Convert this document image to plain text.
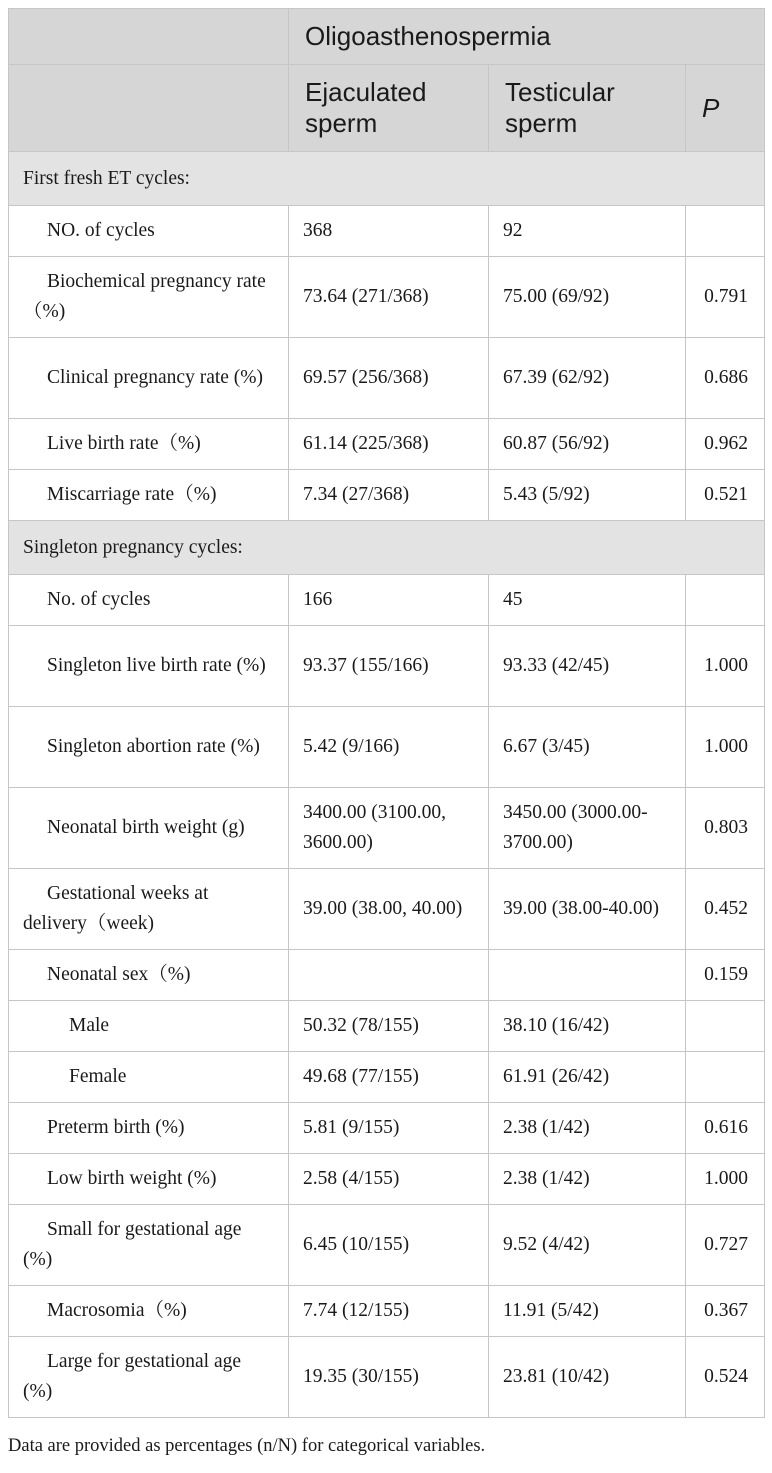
	Oligoasthenospermia		
	Ejaculated sperm	Testicular sperm	P
First fresh ET cycles:			
NO. of cycles	368	92	
Biochemical pregnancy rate（%)	73.64 (271/368)	75.00 (69/92)	0.791
Clinical pregnancy rate (%)	69.57 (256/368)	67.39 (62/92)	0.686
Live birth rate（%)	61.14 (225/368)	60.87 (56/92)	0.962
Miscarriage rate（%)	7.34 (27/368)	5.43 (5/92)	0.521
Singleton pregnancy cycles:			
No. of cycles	166	45	
Singleton live birth rate (%)	93.37 (155/166)	93.33 (42/45)	1.000
Singleton abortion rate (%)	5.42 (9/166)	6.67 (3/45)	1.000
Neonatal birth weight (g)	3400.00 (3100.00, 3600.00)	3450.00 (3000.00-3700.00)	0.803
Gestational weeks at delivery（week)	39.00 (38.00, 40.00)	39.00 (38.00-40.00)	0.452
Neonatal sex（%)			0.159
Male	50.32 (78/155)	38.10 (16/42)	
Female	49.68 (77/155)	61.91 (26/42)	
Preterm birth (%)	5.81 (9/155)	2.38 (1/42)	0.616
Low birth weight (%)	2.58 (4/155)	2.38 (1/42)	1.000
Small for gestational age (%)	6.45 (10/155)	9.52 (4/42)	0.727
Macrosomia（%)	7.74 (12/155)	11.91 (5/42)	0.367
Large for gestational age (%)	19.35 (30/155)	23.81 (10/42)	0.524
Data are provided as percentages (n/N) for categorical variables.
